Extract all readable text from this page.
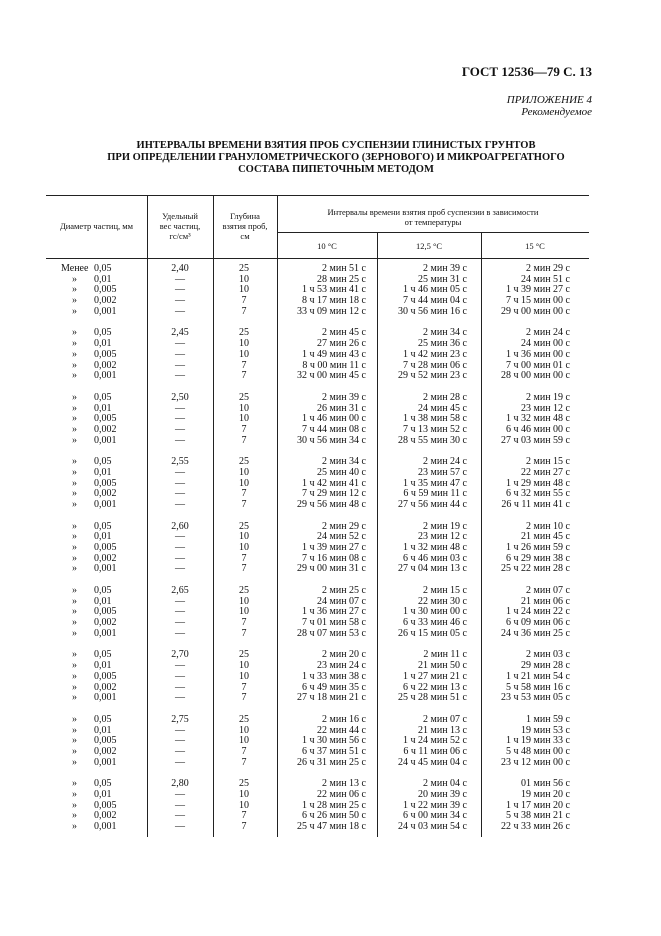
ГОСТ 12536—79 С. 13
ПРИЛОЖЕНИЕ 4
Рекомендуемое
ИНТЕРВАЛЫ ВРЕМЕНИ ВЗЯТИЯ ПРОБ СУСПЕНЗИИ ГЛИНИСТЫХ ГРУНТОВ
ПРИ ОПРЕДЕЛЕНИИ ГРАНУЛОМЕТРИЧЕСКОГО (ЗЕРНОВОГО) И МИКРОАГРЕГАТНОГО
СОСТАВА ПИПЕТОЧНЫМ МЕТОДОМ
Диаметр частиц, мм
Удельный
вес частиц,
гс/см³
Глубина
взятия проб,
см
Интервалы времени взятия проб суспензии в зависимости
от температуры
10 °С	12,5 °С	15 °С
Менее 0,05	2,40	25	2 мин 51 с	2 мин 39 с	2 мин 29 с
» 0,01	—	10	28 мин 25 с	25 мин 31 с	24 мин 51 с
» 0,005	—	10	1 ч 53 мин 41 с	1 ч 46 мин 05 с	1 ч 39 мин 27 с
» 0,002	—	7	8 ч 17 мин 18 с	7 ч 44 мин 04 с	7 ч 15 мин 00 с
» 0,001	—	7	33 ч 09 мин 12 с	30 ч 56 мин 16 с	29 ч 00 мин 00 с
» 0,05	2,45	25	2 мин 45 с	2 мин 34 с	2 мин 24 с
» 0,01	—	10	27 мин 26 с	25 мин 36 с	24 мин 00 с
» 0,005	—	10	1 ч 49 мин 43 с	1 ч 42 мин 23 с	1 ч 36 мин 00 с
» 0,002	—	7	8 ч 00 мин 11 с	7 ч 28 мин 06 с	7 ч 00 мин 01 с
» 0,001	—	7	32 ч 00 мин 45 с	29 ч 52 мин 23 с	28 ч 00 мин 00 с
» 0,05	2,50	25	2 мин 39 с	2 мин 28 с	2 мин 19 с
» 0,01	—	10	26 мин 31 с	24 мин 45 с	23 мин 12 с
» 0,005	—	10	1 ч 46 мин 00 с	1 ч 38 мин 58 с	1 ч 32 мин 48 с
» 0,002	—	7	7 ч 44 мин 08 с	7 ч 13 мин 52 с	6 ч 46 мин 00 с
» 0,001	—	7	30 ч 56 мин 34 с	28 ч 55 мин 30 с	27 ч 03 мин 59 с
» 0,05	2,55	25	2 мин 34 с	2 мин 24 с	2 мин 15 с
» 0,01	—	10	25 мин 40 с	23 мин 57 с	22 мин 27 с
» 0,005	—	10	1 ч 42 мин 41 с	1 ч 35 мин 47 с	1 ч 29 мин 48 с
» 0,002	—	7	7 ч 29 мин 12 с	6 ч 59 мин 11 с	6 ч 32 мин 55 с
» 0,001	—	7	29 ч 56 мин 48 с	27 ч 56 мин 44 с	26 ч 11 мин 41 с
» 0,05	2,60	25	2 мин 29 с	2 мин 19 с	2 мин 10 с
» 0,01	—	10	24 мин 52 с	23 мин 12 с	21 мин 45 с
» 0,005	—	10	1 ч 39 мин 27 с	1 ч 32 мин 48 с	1 ч 26 мин 59 с
» 0,002	—	7	7 ч 16 мин 08 с	6 ч 46 мин 03 с	6 ч 29 мин 38 с
» 0,001	—	7	29 ч 00 мин 31 с	27 ч 04 мин 13 с	25 ч 22 мин 28 с
» 0,05	2,65	25	2 мин 25 с	2 мин 15 с	2 мин 07 с
» 0,01	—	10	24 мин 07 с	22 мин 30 с	21 мин 06 с
» 0,005	—	10	1 ч 36 мин 27 с	1 ч 30 мин 00 с	1 ч 24 мин 22 с
» 0,002	—	7	7 ч 01 мин 58 с	6 ч 33 мин 46 с	6 ч 09 мин 06 с
» 0,001	—	7	28 ч 07 мин 53 с	26 ч 15 мин 05 с	24 ч 36 мин 25 с
» 0,05	2,70	25	2 мин 20 с	2 мин 11 с	2 мин 03 с
» 0,01	—	10	23 мин 24 с	21 мин 50 с	29 мин 28 с
» 0,005	—	10	1 ч 33 мин 38 с	1 ч 27 мин 21 с	1 ч 21 мин 54 с
» 0,002	—	7	6 ч 49 мин 35 с	6 ч 22 мин 13 с	5 ч 58 мин 16 с
» 0,001	—	7	27 ч 18 мин 21 с	25 ч 28 мин 51 с	23 ч 53 мин 05 с
» 0,05	2,75	25	2 мин 16 с	2 мин 07 с	1 мин 59 с
» 0,01	—	10	22 мин 44 с	21 мин 13 с	19 мин 53 с
» 0,005	—	10	1 ч 30 мин 56 с	1 ч 24 мин 52 с	1 ч 19 мин 33 с
» 0,002	—	7	6 ч 37 мин 51 с	6 ч 11 мин 06 с	5 ч 48 мин 00 с
» 0,001	—	7	26 ч 31 мин 25 с	24 ч 45 мин 04 с	23 ч 12 мин 00 с
» 0,05	2,80	25	2 мин 13 с	2 мин 04 с	01 мин 56 с
» 0,01	—	10	22 мин 06 с	20 мин 39 с	19 мин 20 с
» 0,005	—	10	1 ч 28 мин 25 с	1 ч 22 мин 39 с	1 ч 17 мин 20 с
» 0,002	—	7	6 ч 26 мин 50 с	6 ч 00 мин 34 с	5 ч 38 мин 21 с
» 0,001	—	7	25 ч 47 мин 18 с	24 ч 03 мин 54 с	22 ч 33 мин 26 с
